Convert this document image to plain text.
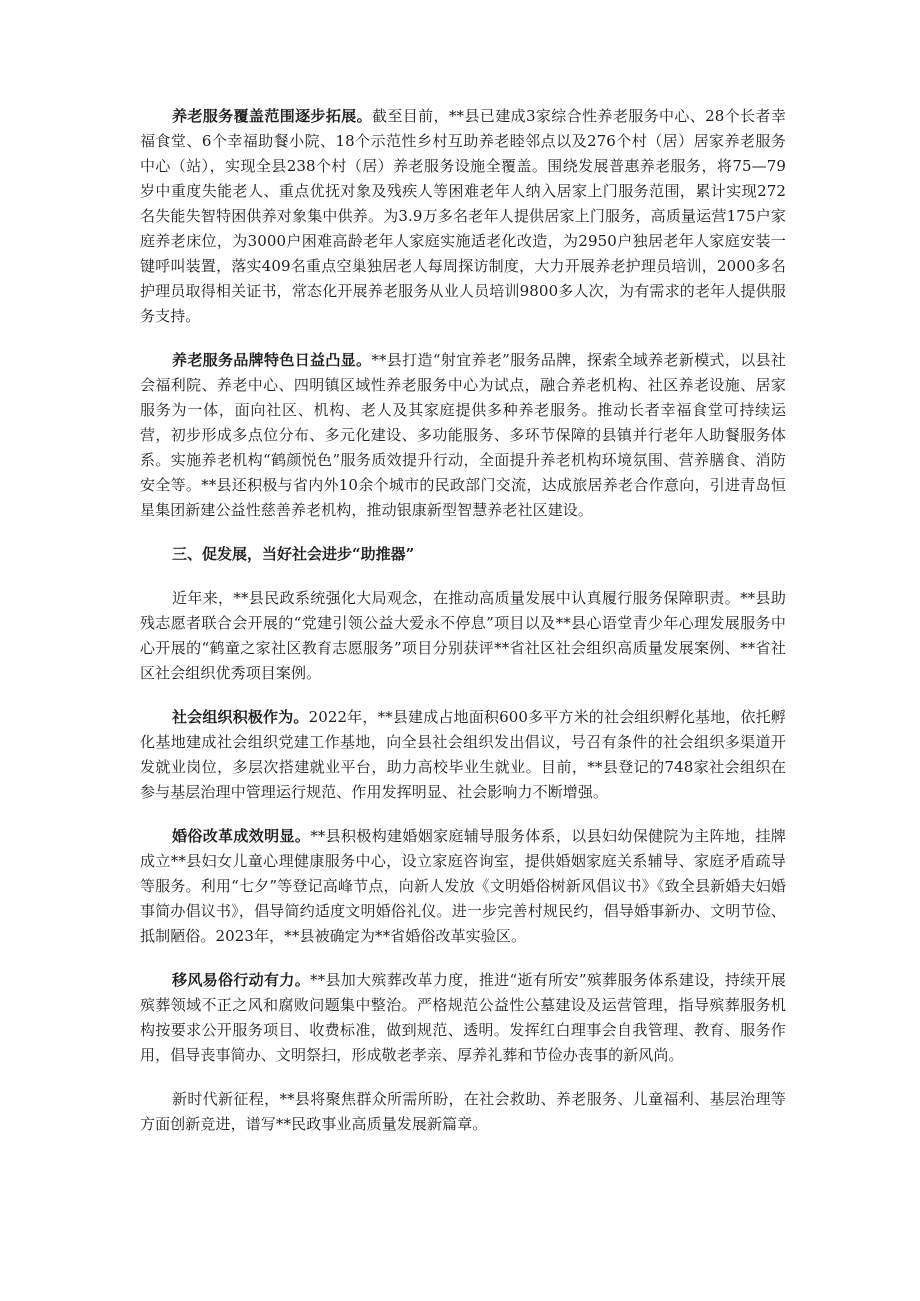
养老服务覆盖范围逐步拓展。截至目前，**县已建成3家综合性养老服务中心、28个长者幸福食堂、6个幸福助餐小院、18个示范性乡村互助养老睦邻点以及276个村（居）居家养老服务中心（站），实现全县238个村（居）养老服务设施全覆盖。围绕发展普惠养老服务，将75—79岁中重度失能老人、重点优抚对象及残疾人等困难老年人纳入居家上门服务范围，累计实现272名失能失智特困供养对象集中供养。为3.9万多名老年人提供居家上门服务，高质量运营175户家庭养老床位，为3000户困难高龄老年人家庭实施适老化改造，为2950户独居老年人家庭安装一键呼叫装置，落实409名重点空巢独居老人每周探访制度，大力开展养老护理员培训，2000多名护理员取得相关证书，常态化开展养老服务从业人员培训9800多人次，为有需求的老年人提供服务支持。

养老服务品牌特色日益凸显。**县打造“射宜养老”服务品牌，探索全域养老新模式，以县社会福利院、养老中心、四明镇区域性养老服务中心为试点，融合养老机构、社区养老设施、居家服务为一体，面向社区、机构、老人及其家庭提供多种养老服务。推动长者幸福食堂可持续运营，初步形成多点位分布、多元化建设、多功能服务、多环节保障的县镇并行老年人助餐服务体系。实施养老机构“鹤颜悦色”服务质效提升行动，全面提升养老机构环境氛围、营养膳食、消防安全等。**县还积极与省内外10余个城市的民政部门交流，达成旅居养老合作意向，引进青岛恒星集团新建公益性慈善养老机构，推动银康新型智慧养老社区建设。

三、促发展，当好社会进步“助推器”

近年来，**县民政系统强化大局观念，在推动高质量发展中认真履行服务保障职责。**县助残志愿者联合会开展的“党建引领公益大爱永不停息”项目以及**县心语堂青少年心理发展服务中心开展的“鹤童之家社区教育志愿服务”项目分别获评**省社区社会组织高质量发展案例、**省社区社会组织优秀项目案例。

社会组织积极作为。2022年，**县建成占地面积600多平方米的社会组织孵化基地，依托孵化基地建成社会组织党建工作基地，向全县社会组织发出倡议，号召有条件的社会组织多渠道开发就业岗位，多层次搭建就业平台，助力高校毕业生就业。目前，**县登记的748家社会组织在参与基层治理中管理运行规范、作用发挥明显、社会影响力不断增强。

婚俗改革成效明显。**县积极构建婚姻家庭辅导服务体系，以县妇幼保健院为主阵地，挂牌成立**县妇女儿童心理健康服务中心，设立家庭咨询室，提供婚姻家庭关系辅导、家庭矛盾疏导等服务。利用“七夕”等登记高峰节点，向新人发放《文明婚俗树新风倡议书》《致全县新婚夫妇婚事简办倡议书》，倡导简约适度文明婚俗礼仪。进一步完善村规民约，倡导婚事新办、文明节俭、抵制陋俗。2023年，**县被确定为**省婚俗改革实验区。

移风易俗行动有力。**县加大殡葬改革力度，推进“逝有所安”殡葬服务体系建设，持续开展殡葬领域不正之风和腐败问题集中整治。严格规范公益性公墓建设及运营管理，指导殡葬服务机构按要求公开服务项目、收费标准，做到规范、透明。发挥红白理事会自我管理、教育、服务作用，倡导丧事简办、文明祭扫，形成敬老孝亲、厚养礼葬和节俭办丧事的新风尚。

新时代新征程，**县将聚焦群众所需所盼，在社会救助、养老服务、儿童福利、基层治理等方面创新竞进，谱写**民政事业高质量发展新篇章。
